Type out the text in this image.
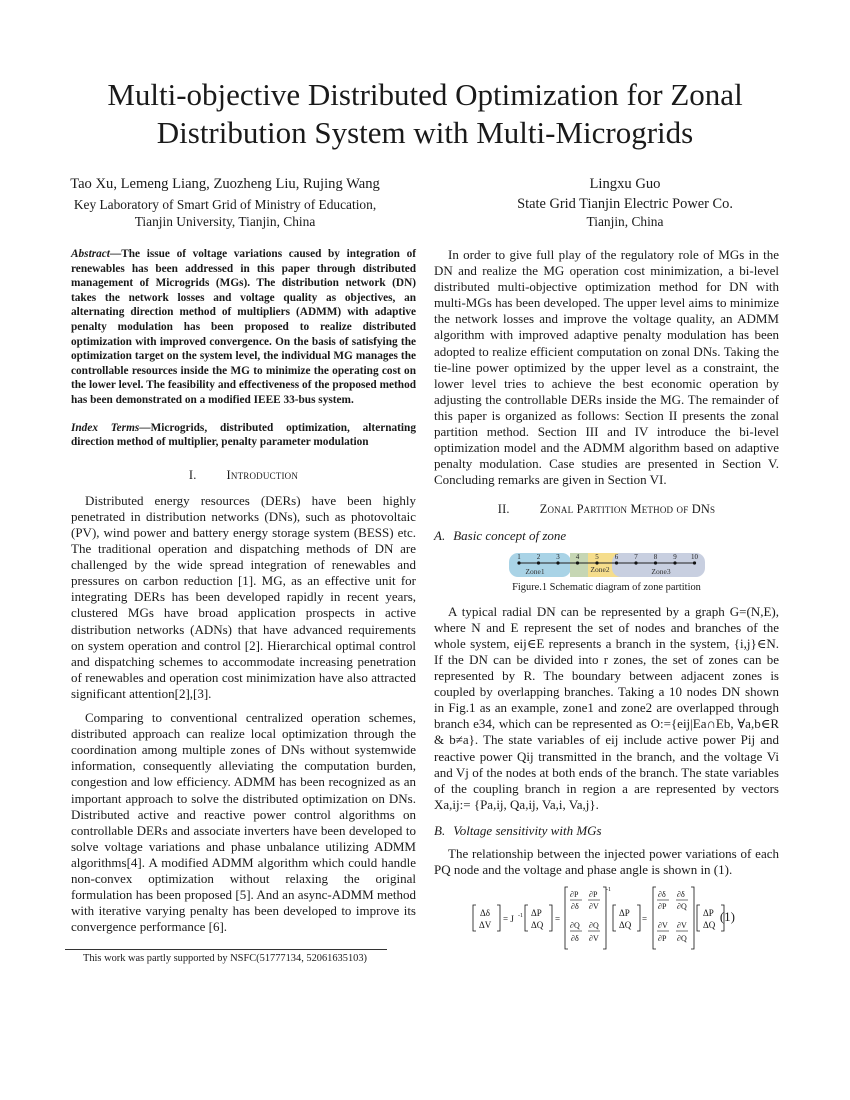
Multi-objective Distributed Optimization for Zonal
Distribution System with Multi-Microgrids
Tao Xu, Lemeng Liang, Zuozheng Liu, Rujing Wang
Key Laboratory of Smart Grid of Ministry of Education,
Tianjin University, Tianjin, China
Lingxu Guo
State Grid Tianjin Electric Power Co.
Tianjin, China

Abstract—The issue of voltage variations caused by integration of renewables has been addressed in this paper through distributed management of Microgrids (MGs). The distribution network (DN) takes the network losses and voltage quality as objectives, an alternating direction method of multipliers (ADMM) with adaptive penalty modulation has been proposed to realize distributed optimization with improved convergence. On the basis of satisfying the optimization target on the system level, the individual MG manages the controllable resources inside the MG to minimize the operating cost on the lower level. The feasibility and effectiveness of the proposed method has been demonstrated on a modified IEEE 33-bus system.

Index Terms—Microgrids, distributed optimization, alternating direction method of multiplier, penalty parameter modulation

I. Introduction

Distributed energy resources (DERs) have been highly penetrated in distribution networks (DNs), such as photovoltaic (PV), wind power and battery energy storage system (BESS) etc. The traditional operation and dispatching methods of DN are challenged by the wide spread integration of renewables and pressures on carbon reduction [1]. MG, as an effective unit for integrating DERs has been developed rapidly in recent years, clustered MGs have broad application prospects in active distribution networks (ADNs) that have advanced requirements on system operation and control [2]. Hierarchical optimal control and dispatching schemes to accommodate increasing penetration of renewables and operation cost minimization have also attracted significant attention[2],[3].

Comparing to conventional centralized operation schemes, distributed approach can realize local optimization through the coordination among multiple zones of DNs without systemwide information, consequently alleviating the computation burden, congestion and low efficiency. ADMM has been recognized as an important approach to solve the distributed optimization on DNs. Distributed active and reactive power control algorithms on controllable DERs and associate inverters have been developed to solve voltage variations and phase unbalance utilizing ADMM algorithms[4]. A modified ADMM algorithm which could handle non-convex optimization without relaxing the original formulation has been proposed [5]. And an async-ADMM method with iterative varying penalty has been developed to improve its convergence performance [6].

In order to give full play of the regulatory role of MGs in the DN and realize the MG operation cost minimization, a bi-level distributed multi-objective optimization method for DN with multi-MGs has been developed. The upper level aims to minimize the network losses and improve the voltage quality, an ADMM algorithm with improved adaptive penalty modulation has been adopted to realize efficient computation on zonal DNs. Taking the tie-line power optimized by the upper level as a constraint, the lower level tries to achieve the best economic operation by adjusting the controllable DERs inside the MG. The remainder of this paper is organized as follows: Section II presents the zonal partition method. Section III and IV introduce the bi-level optimization model and the ADMM algorithm based on adaptive penalty modulation. Case studies are presented in Section V. Concluding remarks are given in Section VI.

II. Zonal Partition Method of DNs
A. Basic concept of zone
1 2 3 4 5 6 7 8 9 10
Zone1	Zone2	Zone3
Figure.1 Schematic diagram of zone partition

A typical radial DN can be represented by a graph G=(N,E), where N and E represent the set of nodes and branches of the whole system, eij∈E represents a branch in the system, {i,j}∈N. If the DN can be divided into r zones, the set of zones can be represented by R. The boundary between adjacent zones is coupled by overlapping branches. Taking a 10 nodes DN shown in Fig.1 as an example, zone1 and zone2 are overlapped through branch e34, which can be represented as O:={eij|Ea∩Eb, ∀a,b∈R & b≠a}. The state variables of eij include active power Pij and reactive power Qij transmitted in the branch, and the voltage Vi and Vj of the nodes at both ends of the branch. The state variables of the coupling branch in region a are represented by vectors Xa,ij:= {Pa,ij, Qa,ij, Va,i, Va,j}.

B. Voltage sensitivity with MGs

The relationship between the injected power variations of each PQ node and the voltage and phase angle is shown in (1).

Δδ
ΔV
= J -1 ΔP
ΔQ
=
∂P
∂δ
∂P
∂V
∂Q
∂δ
∂Q
∂V
-1
ΔP
ΔQ
=
∂δ
∂P
∂δ
∂Q
∂V
∂P
∂V
∂Q
ΔP
ΔQ
(1)
This work was partly supported by NSFC(51777134, 52061635103)
